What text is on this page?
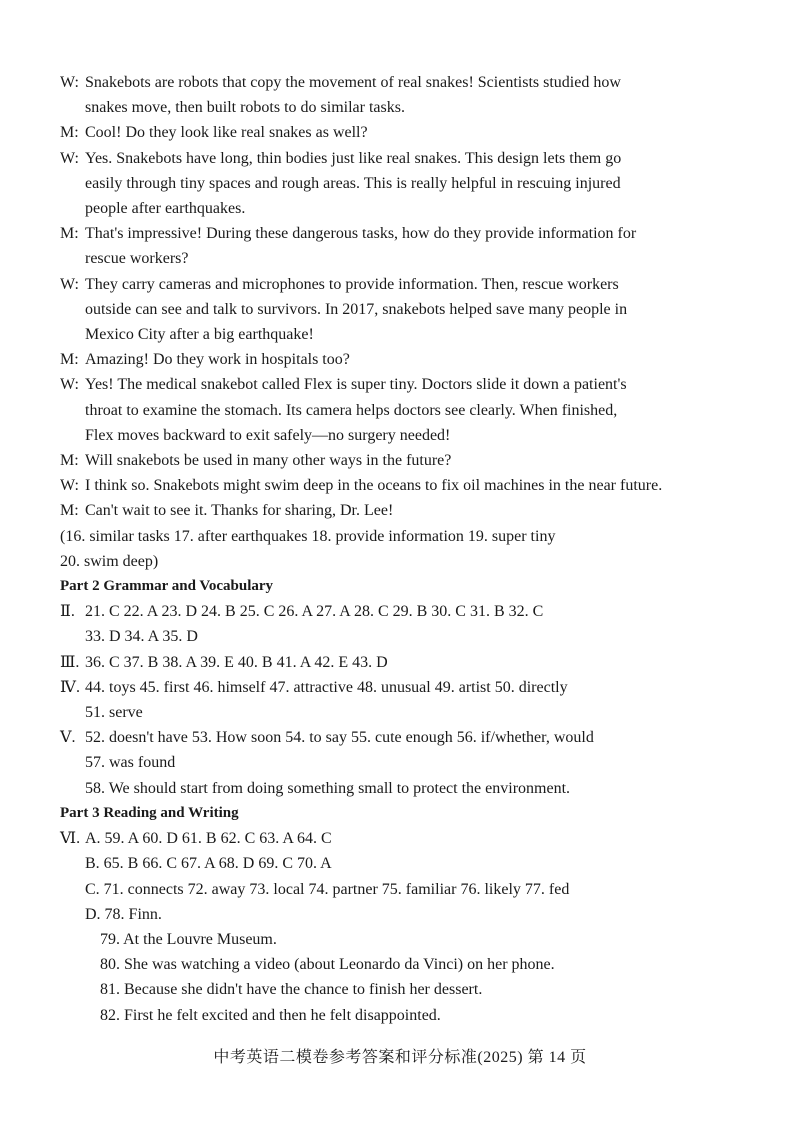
W: Snakebots are robots that copy the movement of real snakes! Scientists studied how
snakes move, then built robots to do similar tasks.
M: Cool! Do they look like real snakes as well?
W: Yes. Snakebots have long, thin bodies just like real snakes. This design lets them go
easily through tiny spaces and rough areas. This is really helpful in rescuing injured
people after earthquakes.
M: That's impressive! During these dangerous tasks, how do they provide information for
rescue workers?
W: They carry cameras and microphones to provide information. Then, rescue workers
outside can see and talk to survivors. In 2017, snakebots helped save many people in
Mexico City after a big earthquake!
M: Amazing! Do they work in hospitals too?
W: Yes! The medical snakebot called Flex is super tiny. Doctors slide it down a patient's
throat to examine the stomach. Its camera helps doctors see clearly. When finished,
Flex moves backward to exit safely—no surgery needed!
M: Will snakebots be used in many other ways in the future?
W: I think so. Snakebots might swim deep in the oceans to fix oil machines in the near future.
M: Can't wait to see it. Thanks for sharing, Dr. Lee!
(16. similar tasks 17. after earthquakes 18. provide information 19. super tiny
20. swim deep)
Part 2 Grammar and Vocabulary
Ⅱ. 21. C 22. A 23. D 24. B 25. C 26. A 27. A 28. C 29. B 30. C 31. B 32. C
33. D 34. A 35. D
Ⅲ. 36. C 37. B 38. A 39. E 40. B 41. A 42. E 43. D
Ⅳ. 44. toys 45. first 46. himself 47. attractive 48. unusual 49. artist 50. directly
51. serve
Ⅴ. 52. doesn't have 53. How soon 54. to say 55. cute enough 56. if/whether, would
57. was found
58. We should start from doing something small to protect the environment.
Part 3 Reading and Writing
Ⅵ. A. 59. A 60. D 61. B 62. C 63. A 64. C
B. 65. B 66. C 67. A 68. D 69. C 70. A
C. 71. connects 72. away 73. local 74. partner 75. familiar 76. likely 77. fed
D. 78. Finn.
79. At the Louvre Museum.
80. She was watching a video (about Leonardo da Vinci) on her phone.
81. Because she didn't have the chance to finish her dessert.
82. First he felt excited and then he felt disappointed.
中考英语二模卷参考答案和评分标准(2025) 第 14 页
